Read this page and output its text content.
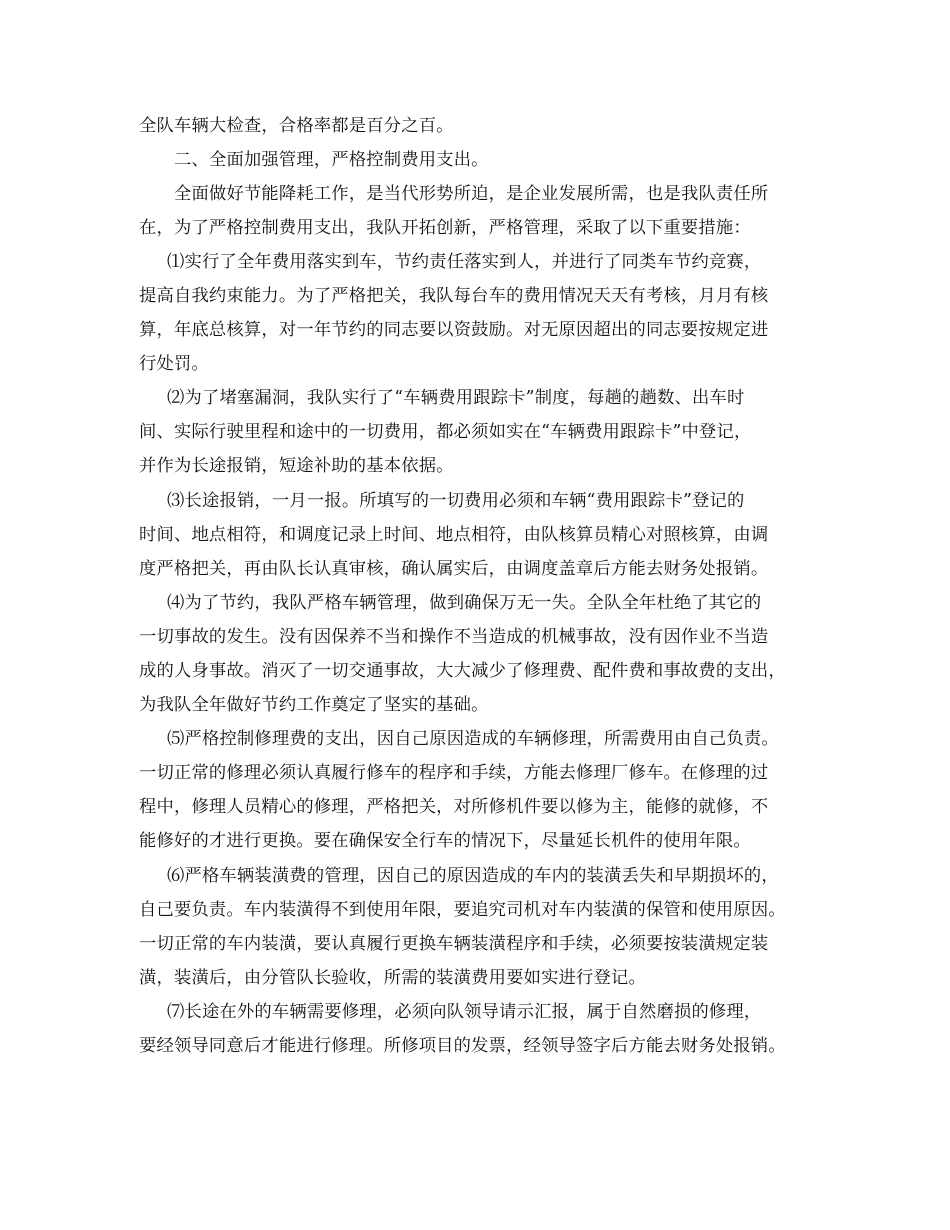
全队车辆大检查，合格率都是百分之百。
二、全面加强管理，严格控制费用支出。
全面做好节能降耗工作，是当代形势所迫，是企业发展所需，也是我队责任所
在，为了严格控制费用支出，我队开拓创新，严格管理，采取了以下重要措施：
⑴实行了全年费用落实到车，节约责任落实到人，并进行了同类车节约竞赛，
提高自我约束能力。为了严格把关，我队每台车的费用情况天天有考核，月月有核
算，年底总核算，对一年节约的同志要以资鼓励。对无原因超出的同志要按规定进
行处罚。
⑵为了堵塞漏洞，我队实行了“车辆费用跟踪卡”制度，每趟的趟数、出车时
间、实际行驶里程和途中的一切费用，都必须如实在“车辆费用跟踪卡”中登记，
并作为长途报销，短途补助的基本依据。
⑶长途报销，一月一报。所填写的一切费用必须和车辆“费用跟踪卡”登记的
时间、地点相符，和调度记录上时间、地点相符，由队核算员精心对照核算，由调
度严格把关，再由队长认真审核，确认属实后，由调度盖章后方能去财务处报销。
⑷为了节约，我队严格车辆管理，做到确保万无一失。全队全年杜绝了其它的
一切事故的发生。没有因保养不当和操作不当造成的机械事故，没有因作业不当造
成的人身事故。消灭了一切交通事故，大大减少了修理费、配件费和事故费的支出，
为我队全年做好节约工作奠定了坚实的基础。
⑸严格控制修理费的支出，因自己原因造成的车辆修理，所需费用由自己负责。
一切正常的修理必须认真履行修车的程序和手续，方能去修理厂修车。在修理的过
程中，修理人员精心的修理，严格把关，对所修机件要以修为主，能修的就修，不
能修好的才进行更换。要在确保安全行车的情况下，尽量延长机件的使用年限。
⑹严格车辆装潢费的管理，因自己的原因造成的车内的装潢丢失和早期损坏的，
自己要负责。车内装潢得不到使用年限，要追究司机对车内装潢的保管和使用原因。
一切正常的车内装潢，要认真履行更换车辆装潢程序和手续，必须要按装潢规定装
潢，装潢后，由分管队长验收，所需的装潢费用要如实进行登记。
⑺长途在外的车辆需要修理，必须向队领导请示汇报，属于自然磨损的修理，
要经领导同意后才能进行修理。所修项目的发票，经领导签字后方能去财务处报销。
